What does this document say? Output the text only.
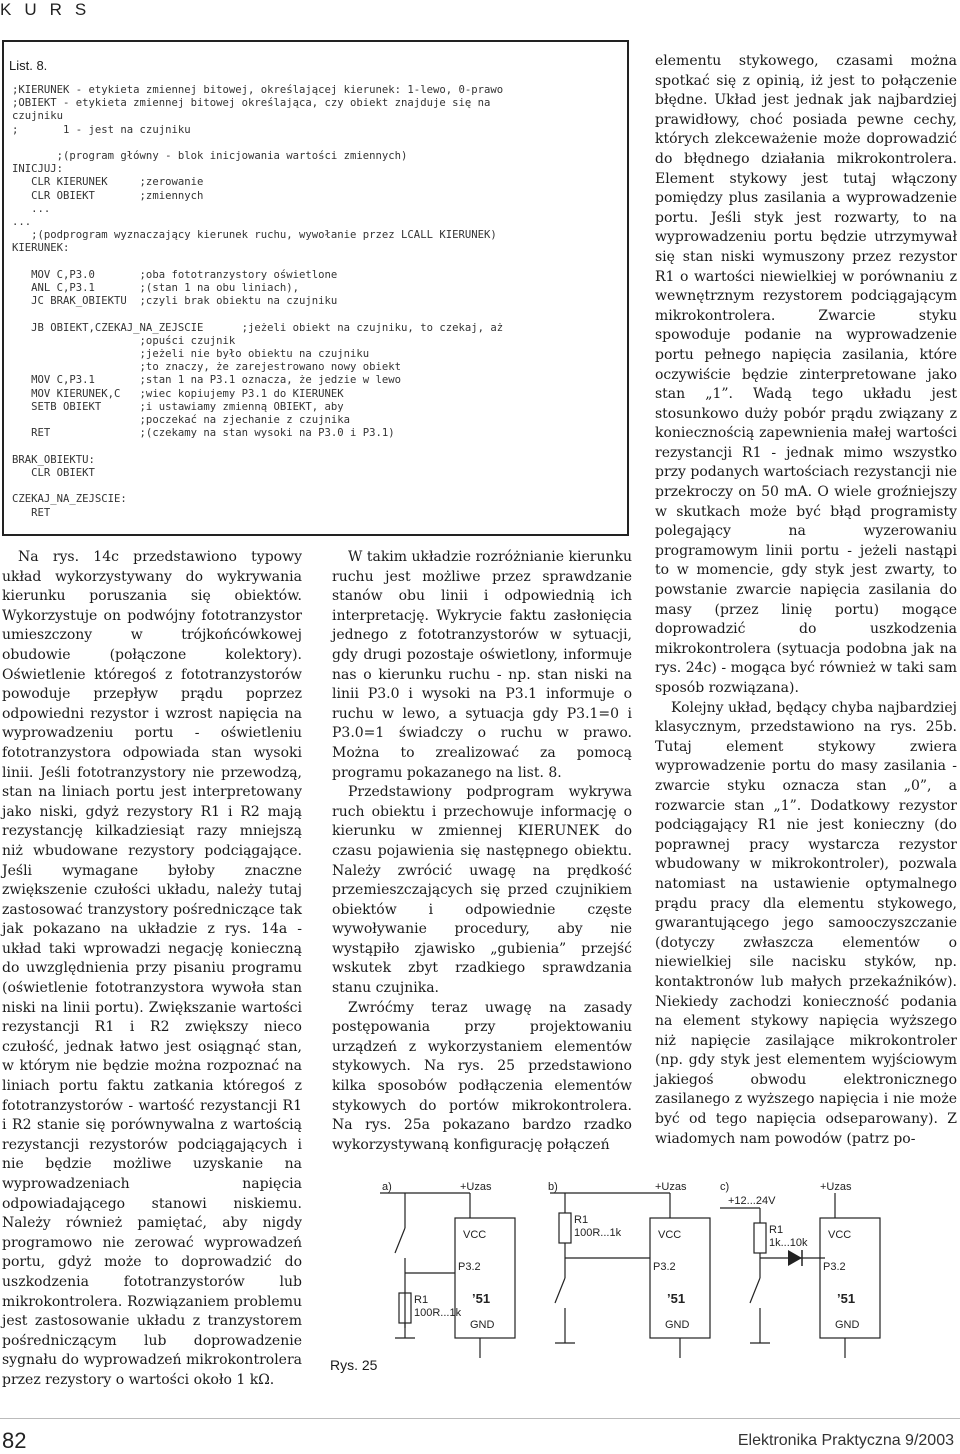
KURS
List. 8.
;KIERUNEK - etykieta zmiennej bitowej, określającej kierunek: 1-lewo, 0-prawo
;OBIEKT - etykieta zmiennej bitowej określająca, czy obiekt znajduje się na
czujniku
;       1 - jest na czujniku

;(program główny - blok inicjowania wartości zmiennych)
INICJUJ:
CLR KIERUNEK     ;zerowanie
CLR OBIEKT       ;zmiennych
...
...
;(podprogram wyznaczający kierunek ruchu, wywołanie przez LCALL KIERUNEK)
KIERUNEK:

MOV C,P3.0       ;oba fototranzystory oświetlone
ANL C,P3.1       ;(stan 1 na obu liniach),
JC BRAK_OBIEKTU  ;czyli brak obiektu na czujniku

JB OBIEKT,CZEKAJ_NA_ZEJSCIE      ;jeżeli obiekt na czujniku, to czekaj, aż
;opuści czujnik
;jeżeli nie było obiektu na czujniku
;to znaczy, że zarejestrowano nowy obiekt
MOV C,P3.1       ;stan 1 na P3.1 oznacza, że jedzie w lewo
MOV KIERUNEK,C   ;wiec kopiujemy P3.1 do KIERUNEK
SETB OBIEKT      ;i ustawiamy zmienną OBIEKT, aby
;poczekać na zjechanie z czujnika
RET              ;(czekamy na stan wysoki na P3.0 i P3.1)

BRAK_OBIEKTU:
CLR OBIEKT

CZEKAJ_NA_ZEJSCIE:
RET

Na rys. 14c przedstawiono typowy układ wykorzystywany do wykrywania kierunku poruszania się obiektów. Wykorzystuje on podwójny fototranzystor umieszczony w trójkońcówkowej obudowie (połączone kolektory). Oświetlenie któregoś z fototranzystorów powoduje przepływ prądu poprzez odpowiedni rezystor i wzrost napięcia na wyprowadzeniu portu - oświetleniu fototranzystora odpowiada stan wysoki linii. Jeśli fototranzystory nie przewodzą, stan na liniach portu jest interpretowany jako niski, gdyż rezystory R1 i R2 mają rezystancję kilkadziesiąt razy mniejszą niż wbudowane rezystory podciągające. Jeśli wymagane byłoby znaczne zwiększenie czułości układu, należy tutaj zastosować tranzystory pośredniczące tak jak pokazano na układzie z rys. 14a - układ taki wprowadzi negację konieczną do uwzględnienia przy pisaniu programu (oświetlenie fototranzystora wywoła stan niski na linii portu). Zwiększanie wartości rezystancji R1 i R2 zwiększy nieco czułość, jednak łatwo jest osiągnąć stan, w którym nie będzie można rozpoznać na liniach portu faktu zatkania któregoś z fototranzystorów - wartość rezystancji R1 i R2 stanie się porównywalna z wartością rezystancji rezystorów podciągających i nie będzie możliwe uzyskanie na wyprowadzeniach napięcia odpowiadającego stanowi niskiemu. Należy również pamiętać, aby nigdy programowo nie zerować wyprowadzeń portu, gdyż może to doprowadzić do uszkodzenia fototranzystorów lub mikrokontrolera. Rozwiązaniem problemu jest zastosowanie układu z tranzystorem pośredniczącym lub doprowadzenie sygnału do wyprowadzeń mikrokontrolera przez rezystory o wartości około 1 kΩ.

W takim układzie rozróżnianie kierunku ruchu jest możliwe przez sprawdzanie stanów obu linii i odpowiednią ich interpretację. Wykrycie faktu zasłonięcia jednego z fototranzystorów w sytuacji, gdy drugi pozostaje oświetlony, informuje nas o kierunku ruchu - np. stan niski na linii P3.0 i wysoki na P3.1 informuje o ruchu w lewo, a sytuacja gdy P3.1=0 i P3.0=1 świadczy o ruchu w prawo. Można to zrealizować za pomocą programu pokazanego na list. 8.

Przedstawiony podprogram wykrywa ruch obiektu i przechowuje informację o kierunku w zmiennej KIERUNEK do czasu pojawienia się następnego obiektu. Należy zwrócić uwagę na prędkość przemieszczających się przed czujnikiem obiektów i odpowiednie częste wywoływanie procedury, aby nie wystąpiło zjawisko „gubienia” przejść wskutek zbyt rzadkiego sprawdzania stanu czujnika.

Zwróćmy teraz uwagę na zasady postępowania przy projektowaniu urządzeń z wykorzystaniem elementów stykowych. Na rys. 25 przedstawiono kilka sposobów podłączenia elementów stykowych do portów mikrokontrolera. Na rys. 25a pokazano bardzo rzadko wykorzystywaną konfigurację połączeń

elementu stykowego, czasami można spotkać się z opinią, iż jest to połączenie błędne. Układ jest jednak jak najbardziej prawidłowy, choć posiada pewne cechy, których zlekceważenie może doprowadzić do błędnego działania mikrokontrolera. Element stykowy jest tutaj włączony pomiędzy plus zasilania a wyprowadzenie portu. Jeśli styk jest rozwarty, to na wyprowadzeniu portu będzie utrzymywał się stan niski wymuszony przez rezystor R1 o wartości niewielkiej w porównaniu z wewnętrznym rezystorem podciągającym mikrokontrolera. Zwarcie styku spowoduje podanie na wyprowadzenie portu pełnego napięcia zasilania, które oczywiście będzie zinterpretowane jako stan „1”. Wadą tego układu jest stosunkowo duży pobór prądu związany z koniecznością zapewnienia małej wartości rezystancji R1 - jednak mimo wszystko przy podanych wartościach rezystancji nie przekroczy on 50 mA. O wiele groźniejszy w skutkach może być błąd programisty polegający na wyzerowaniu programowym linii portu - jeżeli nastąpi to w momencie, gdy styk jest zwarty, to powstanie zwarcie napięcia zasilania do masy (przez linię portu) mogące doprowadzić do uszkodzenia mikrokontrolera (sytuacja podobna jak na rys. 24c) - mogąca być również w taki sam sposób rozwiązana).

Kolejny układ, będący chyba najbardziej klasycznym, przedstawiono na rys. 25b. Tutaj element stykowy zwiera wyprowadzenie portu do masy zasilania - zwarcie styku oznacza stan „0”, a rozwarcie stan „1”. Dodatkowy rezystor podciągający R1 nie jest konieczny (do poprawnej pracy wystarcza rezystor wbudowany w mikrokontroler), pozwala natomiast na ustawienie optymalnego prądu pracy dla elementu stykowego, gwarantującego jego samooczyszczanie (dotyczy zwłaszcza elementów o niewielkiej sile nacisku styków, np. kontaktronów lub małych przekaźników). Niekiedy zachodzi konieczność podania na element stykowy napięcia wyższego niż napięcie zasilające mikrokontroler (np. gdy styk jest elementem wyjściowym jakiegoś obwodu elektronicznego zasilanego z wyższego napięcia i nie może być od tego napięcia odseparowany). Z wiadomych nam powodów (patrz po-

a)	+Uzas
VCC
P3.2
’51
GND
R1
100R...1k
b)	+Uzas
VCC
P3.2
’51
GND
R1
100R...1k
c)	+Uzas
+12...24V
VCC
P3.2
’51
GND
R1
1k...10k
Rys. 25
82	Elektronika Praktyczna 9/2003
